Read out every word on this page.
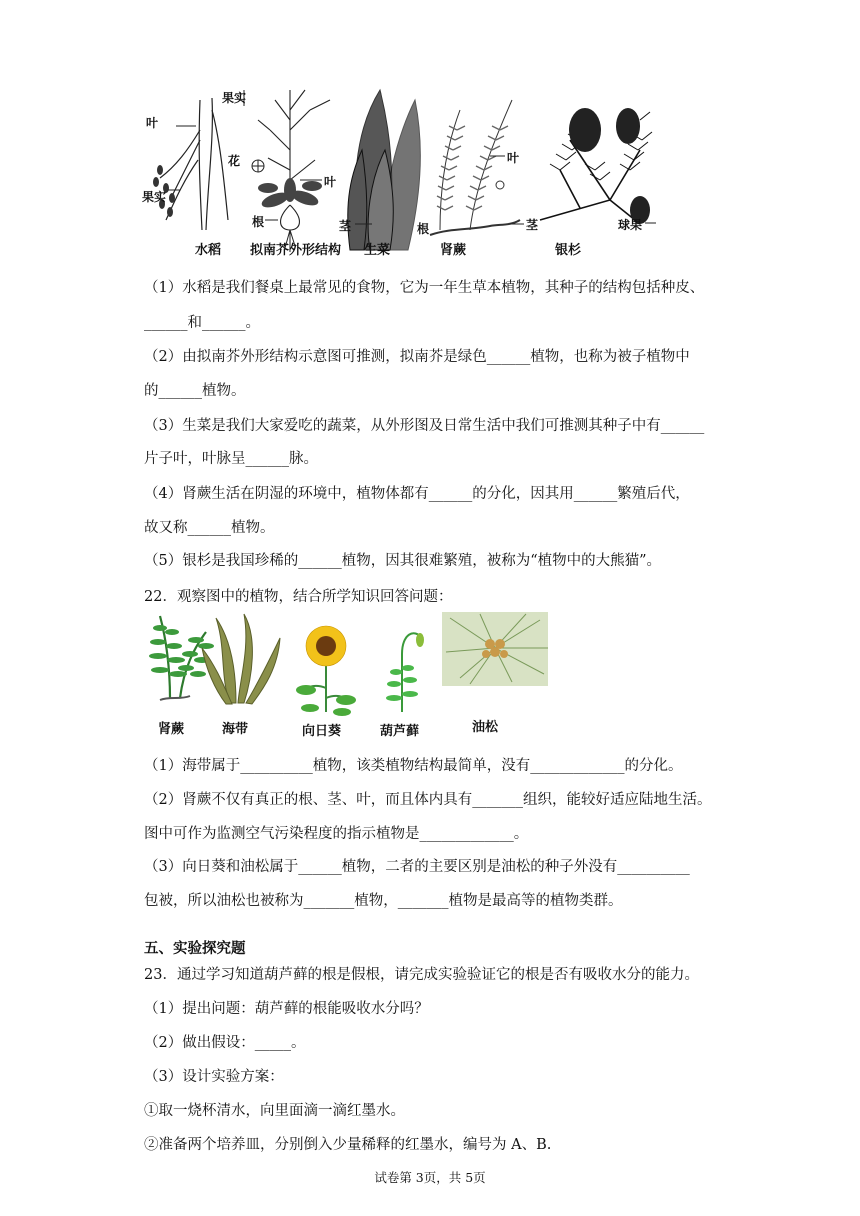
叶
果实
果实
花
叶
根	茎	根
叶
茎	球果
水稻 拟南芥外形结构 生菜	肾蕨	银杉
（1）水稻是我们餐桌上最常见的食物，它为一年生草本植物，其种子的结构包括种皮、
______和______。
（2）由拟南芥外形结构示意图可推测，拟南芥是绿色______植物，也称为被子植物中
的______植物。
（3）生菜是我们大家爱吃的蔬菜，从外形图及日常生活中我们可推测其种子中有______
片子叶，叶脉呈______脉。
（4）肾蕨生活在阴湿的环境中，植物体都有______的分化，因其用______繁殖后代，
故又称______植物。
（5）银杉是我国珍稀的______植物，因其很难繁殖，被称为“植物中的大熊猫”。
22．观察图中的植物，结合所学知识回答问题：
肾蕨	海带	向日葵	葫芦藓	油松
（1）海带属于__________植物，该类植物结构最简单，没有_____________的分化。
（2）肾蕨不仅有真正的根、茎、叶，而且体内具有_______组织，能较好适应陆地生活。
图中可作为监测空气污染程度的指示植物是_____________。
（3）向日葵和油松属于______植物，二者的主要区别是油松的种子外没有__________
包被，所以油松也被称为_______植物，_______植物是最高等的植物类群。
五、实验探究题
23．通过学习知道葫芦藓的根是假根，请完成实验验证它的根是否有吸收水分的能力。
（1）提出问题：葫芦藓的根能吸收水分吗？
（2）做出假设：_____。
（3）设计实验方案：
①取一烧杯清水，向里面滴一滴红墨水。
②准备两个培养皿，分别倒入少量稀释的红墨水，编号为 A、B.
试卷第 3页，共 5页
